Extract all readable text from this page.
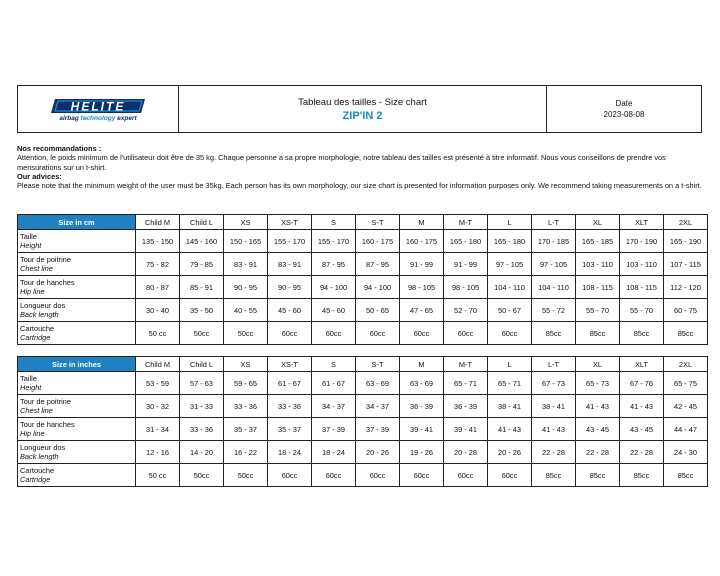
HELITE
airbag technology expert
Tableau des tailles - Size chart
ZIP'IN 2
Date
2023-08-08
Nos recommandations :
Attention, le poids minimum de l'utilisateur doit être de 35 kg. Chaque personne a sa propre morphologie, notre tableau des tailles est présenté à titre informatif. Nous vous conseillons de prendre vos mensurations sur un t-shirt.
Our advices:
Please note that the minimum weight of the user must be 35kg. Each person has its own morphology, our size chart is presented for information purposes only. We recommend taking measurements on a t-shirt.
Size in cm	Child M	Child L	XS	XS-T	S	S-T	M	M-T	L	L-T	XL	XLT	2XL

Taille
Height	135 - 150	145 - 160	150 - 165	155 - 170	155 - 170	160 - 175	160 - 175	165 - 180	165 - 180	170 - 185	165 - 185	170 - 190	165 - 190

Tour de poitrine
Chest line	75 - 82	79 - 85	83 - 91	83 - 91	87 - 95	87 - 95	91 - 99	91 - 99	97 - 105	97 - 105	103 - 110	103 - 110	107 - 115

Tour de hanches
Hip line	80 - 87	85 - 91	90 - 95	90 - 95	94 - 100	94 - 100	98 - 105	98 - 105	104 - 110	104 - 110	108 - 115	108 - 115	112 - 120

Longueur dos
Back length	30 - 40	35 - 50	40 - 55	45 - 60	45 - 60	50 - 65	47 - 65	52 - 70	50 - 67	55 - 72	55 - 70	55 - 70	60 - 75

Cartouche
Cartridge	50 cc	50cc	50cc	60cc	60cc	60cc	60cc	60cc	60cc	85cc	85cc	85cc	85cc
Size in inches	Child M	Child L	XS	XS-T	S	S-T	M	M-T	L	L-T	XL	XLT	2XL

Taille
Height	53 - 59	57 - 63	59 - 65	61 - 67	61 - 67	63 - 69	63 - 69	65 - 71	65 - 71	67 - 73	65 - 73	67 - 76	65 - 75

Tour de poitrine
Chest line	30 - 32	31 - 33	33 - 36	33 - 36	34 - 37	34 - 37	36 - 39	36 - 39	38 - 41	38 - 41	41 - 43	41 - 43	42 - 45

Tour de hanches
Hip line	31 - 34	33 - 36	35 - 37	35 - 37	37 - 39	37 - 39	39 - 41	39 - 41	41 - 43	41 - 43	43 - 45	43 - 45	44 - 47

Longueur dos
Back length	12 - 16	14 - 20	16 - 22	18 - 24	18 - 24	20 - 26	19 - 26	20 - 28	20 - 26	22 - 28	22 - 28	22 - 28	24 - 30

Cartouche
Cartridge	50 cc	50cc	50cc	60cc	60cc	60cc	60cc	60cc	60cc	85cc	85cc	85cc	85cc
